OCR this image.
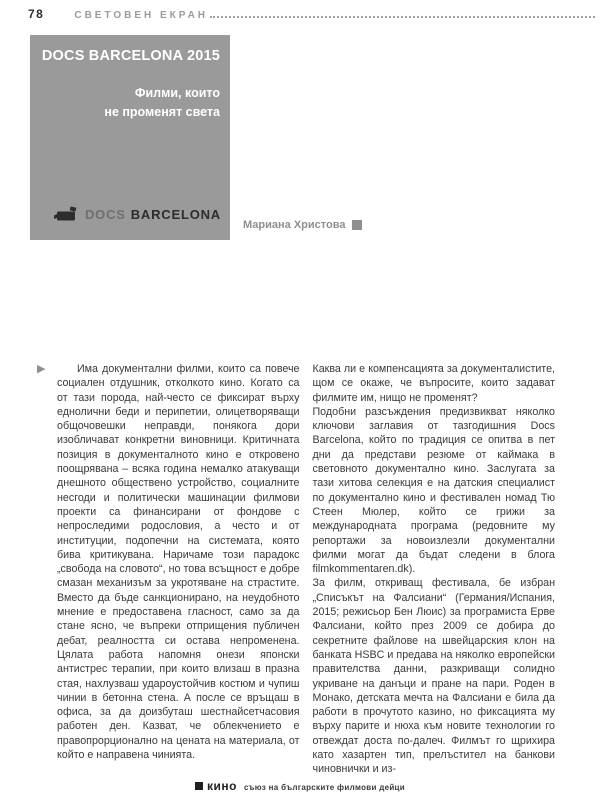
78	СВЕТОВЕН ЕКРАН
DOCS BARCELONA 2015
Филми, които
не променят света
DOCS BARCELONA
Мариана Христова
▶	Има документални филми, които са повече социален отдушник, отколкото кино. Когато са от тази порода, най-често се фиксират върху еднолични беди и перипетии, олицетворяващи общочовешки неправди, понякога дори изобличават конкретни виновници. Критичната позиция в документалното кино е откровено поощрявана – всяка година немалко атакуващи днешното обществено устройство, социалните несгоди и политически машинации филмови проекти са финансирани от фондове с непроследими родословия, а често и от институции, подопечни на системата, която бива критикувана. Наричаме този парадокс „свобода на словото“, но това всъщност е добре смазан механизъм за укротяване на страстите. Вместо да бъде санкционирано, на неудобното мнение е предоставена гласност, само за да стане ясно, че въпреки отприщения публичен дебат, реалността си остава непроменена. Цялата работа напомня онези японски антистрес терапии, при които влизаш в празна стая, нахлузваш удароустойчив костюм и чупиш чинии в бетонна стена. А после се връщаш в офиса, за да доизбуташ шестнайсетчасовия работен ден. Казват, че облекчението е правопрорционално на цената на материала, от който е направена чинията.

Каква ли е компенсацията за документалистите, щом се окаже, че въпросите, които задават филмите им, нищо не променят?

Подобни разсъждения предизвикват няколко ключови заглавия от тазгодишния Docs Barcelona, който по традиция се опитва в пет дни да представи резюме от каймака в световното документално кино. Заслугата за тази хитова селекция е на датския специалист по документално кино и фестивален номад Тю Стеен Мюлер, който се грижи за международната програма (редовните му репортажи за новоизлезли документални филми могат да бъдат следени в блога filmkommentaren.dk).

За филм, откриващ фестивала, бе избран „Списъкът на Фалсиани“ (Германия/Испания, 2015; режисьор Бен Люис) за програмиста Ерве Фалсиани, който през 2009 се добира до секретните файлове на швейцарския клон на банката HSBC и предава на няколко европейски правителства данни, разкриващи солидно укриване на данъци и пране на пари. Роден в Монако, детската мечта на Фалсиани е била да работи в прочутото казино, но фиксацията му върху парите и нюха към новите технологии го отвеждат доста по-далеч. Филмът го щрихира като хазартен тип, прелъстител на банкови чиновнички и из-

кино съюз на българските филмови дейци
